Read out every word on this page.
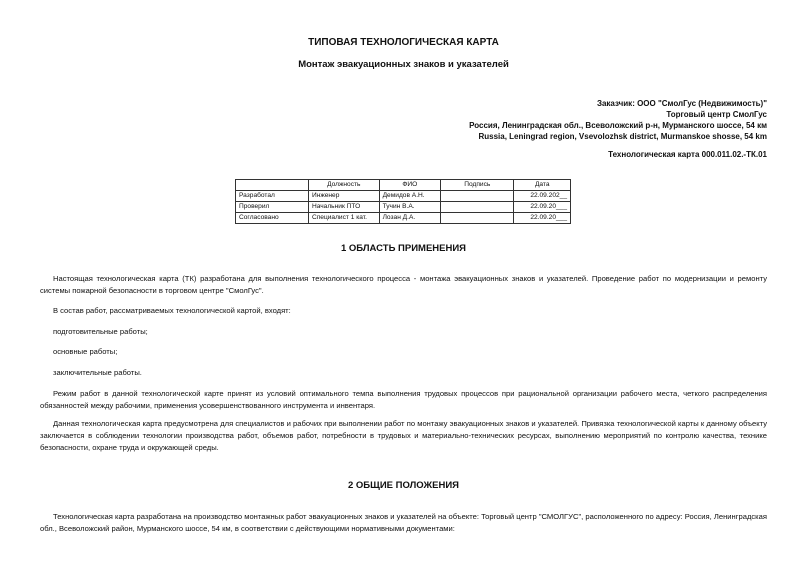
ТИПОВАЯ ТЕХНОЛОГИЧЕСКАЯ КАРТА
Монтаж эвакуационных знаков и указателей
Заказчик: ООО "СмолГус (Недвижимость)"
Торговый центр СмолГус
Россия, Ленинградская обл., Всеволожский р-н, Мурманского шоссе, 54 км
Russia, Leningrad region, Vsevolozhsk district, Murmanskoe shosse, 54 km
Технологическая карта 000.011.02.-ТК.01
	Должность	ФИО	Подпись	Дата
Разработал	Инженер	Демидов А.Н.		22.09.202__
Проверил	Начальник ПТО	Тучин В.А.		22.09.20___
Согласовано	Специалист 1 кат.	Лозан Д.А.		22.09.20___
1 ОБЛАСТЬ ПРИМЕНЕНИЯ
Настоящая технологическая карта (ТК) разработана для выполнения технологического процесса - монтажа эвакуационных знаков и указателей. Проведение работ по модернизации и ремонту системы пожарной безопасности в торговом центре "СмолГус".
В состав работ, рассматриваемых технологической картой, входят:
подготовительные работы;
основные работы;
заключительные работы.
Режим работ в данной технологической карте принят из условий оптимального темпа выполнения трудовых процессов при рациональной организации рабочего места, четкого распределения обязанностей между рабочими, применения усовершенствованного инструмента и инвентаря.
Данная технологическая карта предусмотрена для специалистов и рабочих при выполнении работ по монтажу эвакуационных знаков и указателей. Привязка технологической карты к данному объекту заключается в соблюдении технологии производства работ, объемов работ, потребности в трудовых и материально-технических ресурсах, выполнению мероприятий по контролю качества, технике безопасности, охране труда и окружающей среды.
2 ОБЩИЕ ПОЛОЖЕНИЯ
Технологическая карта разработана на производство монтажных работ эвакуационных знаков и указателей на объекте: Торговый центр "СМОЛГУС", расположенного по адресу: Россия, Ленинградская обл., Всеволожский район, Мурманского шоссе, 54 км, в соответствии с действующими нормативными документами:
